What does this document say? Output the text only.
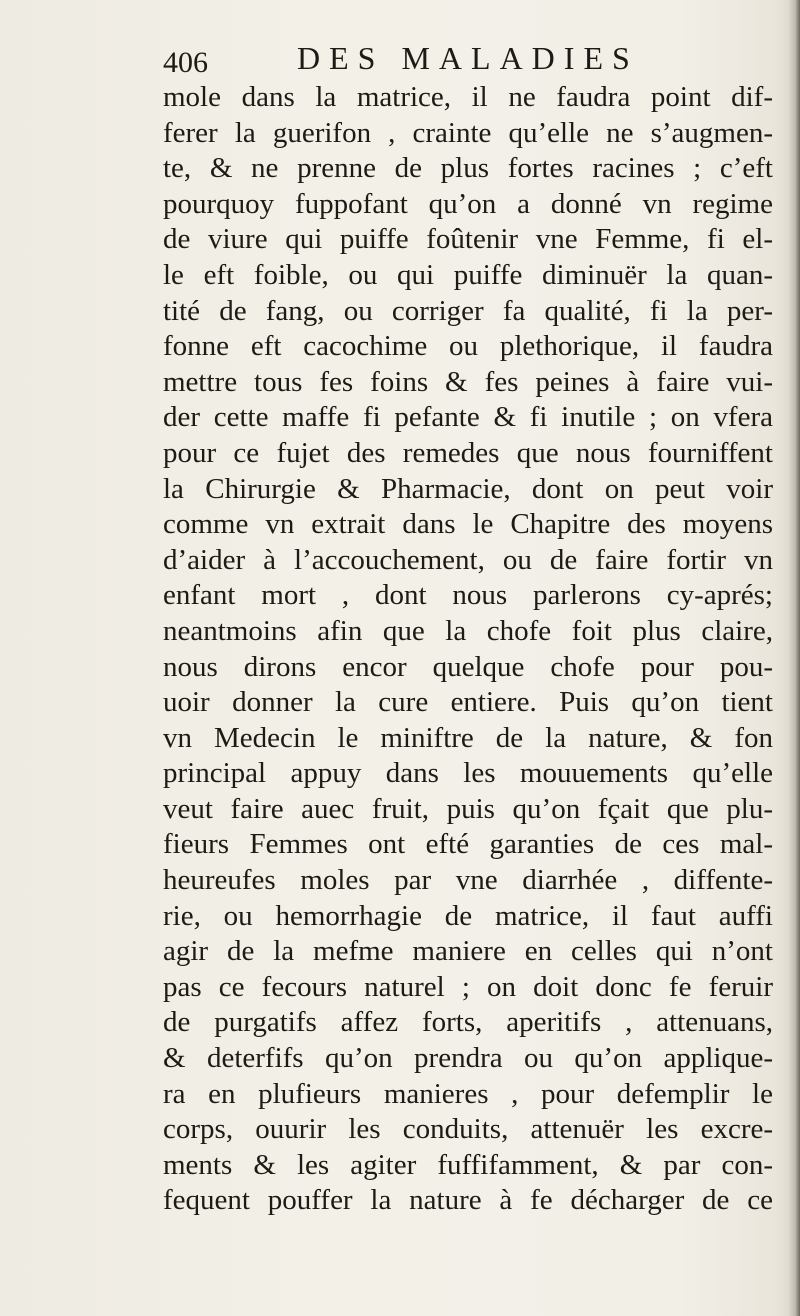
406	DES MALADIES
mole dans la matrice, il ne faudra point dif-
ferer la guerifon , crainte qu’elle ne s’augmen-
te, & ne prenne de plus fortes racines ; c’eft
pourquoy fuppofant qu’on a donné vn regime
de viure qui puiffe foûtenir vne Femme, fi el-
le eft foible, ou qui puiffe diminuër la quan-
tité de fang, ou corriger fa qualité, fi la per-
fonne eft cacochime ou plethorique, il faudra
mettre tous fes foins & fes peines à faire vui-
der cette maffe fi pefante & fi inutile ; on vfera
pour ce fujet des remedes que nous fourniffent
la Chirurgie & Pharmacie, dont on peut voir
comme vn extrait dans le Chapitre des moyens
d’aider à l’accouchement, ou de faire fortir vn
enfant mort , dont nous parlerons cy-aprés;
neantmoins afin que la chofe foit plus claire,
nous dirons encor quelque chofe pour pou-
uoir donner la cure entiere. Puis qu’on tient
vn Medecin le miniftre de la nature, & fon
principal appuy dans les mouuements qu’elle
veut faire auec fruit, puis qu’on fçait que plu-
fieurs Femmes ont efté garanties de ces mal-
heureufes moles par vne diarrhée , diffente-
rie, ou hemorrhagie de matrice, il faut auffi
agir de la mefme maniere en celles qui n’ont
pas ce fecours naturel ; on doit donc fe feruir
de purgatifs affez forts, aperitifs , attenuans,
& deterfifs qu’on prendra ou qu’on applique-
ra en plufieurs manieres , pour defemplir le
corps, ouurir les conduits, attenuër les excre-
ments & les agiter fuffifamment, & par con-
fequent pouffer la nature à fe décharger de ce
